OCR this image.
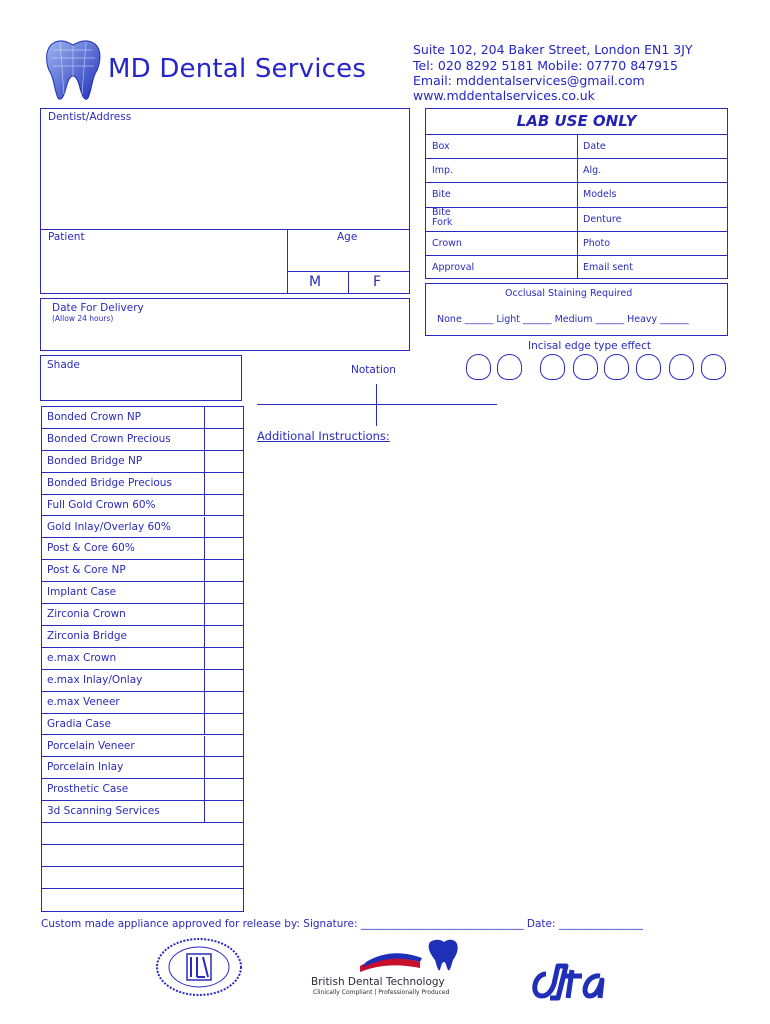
MD Dental Services
Suite 102, 204 Baker Street, London EN1 3JY
Tel: 020 8292 5181 Mobile: 07770 847915
Email: mddentalservices@gmail.com
www.mddentalservices.co.uk
Dentist/Address
Patient	Age
M	F
Date For Delivery
(Allow 24 hours)
LAB USE ONLY
Box	Date
Imp.	Alg.
Bite	Models
Bite
Fork	Denture
Crown	Photo
Approval	Email sent
Occlusal Staining Required
None ______ Light ______ Medium ______ Heavy ______
Incisal edge type effect
Shade	Notation
Additional Instructions:
Bonded Crown NP
Bonded Crown Precious
Bonded Bridge NP
Bonded Bridge Precious
Full Gold Crown 60%
Gold Inlay/Overlay 60%
Post & Core 60%
Post & Core NP
Implant Case
Zirconia Crown
Zirconia Bridge
e.max Crown
e.max Inlay/Onlay
e.max Veneer
Gradia Case
Porcelain Veneer
Porcelain Inlay
Prosthetic Case
3d Scanning Services
Custom made appliance approved for release by: Signature: _______________________________ Date: ________________
British Dental Technology
Clinically Compliant | Professionally Produced
